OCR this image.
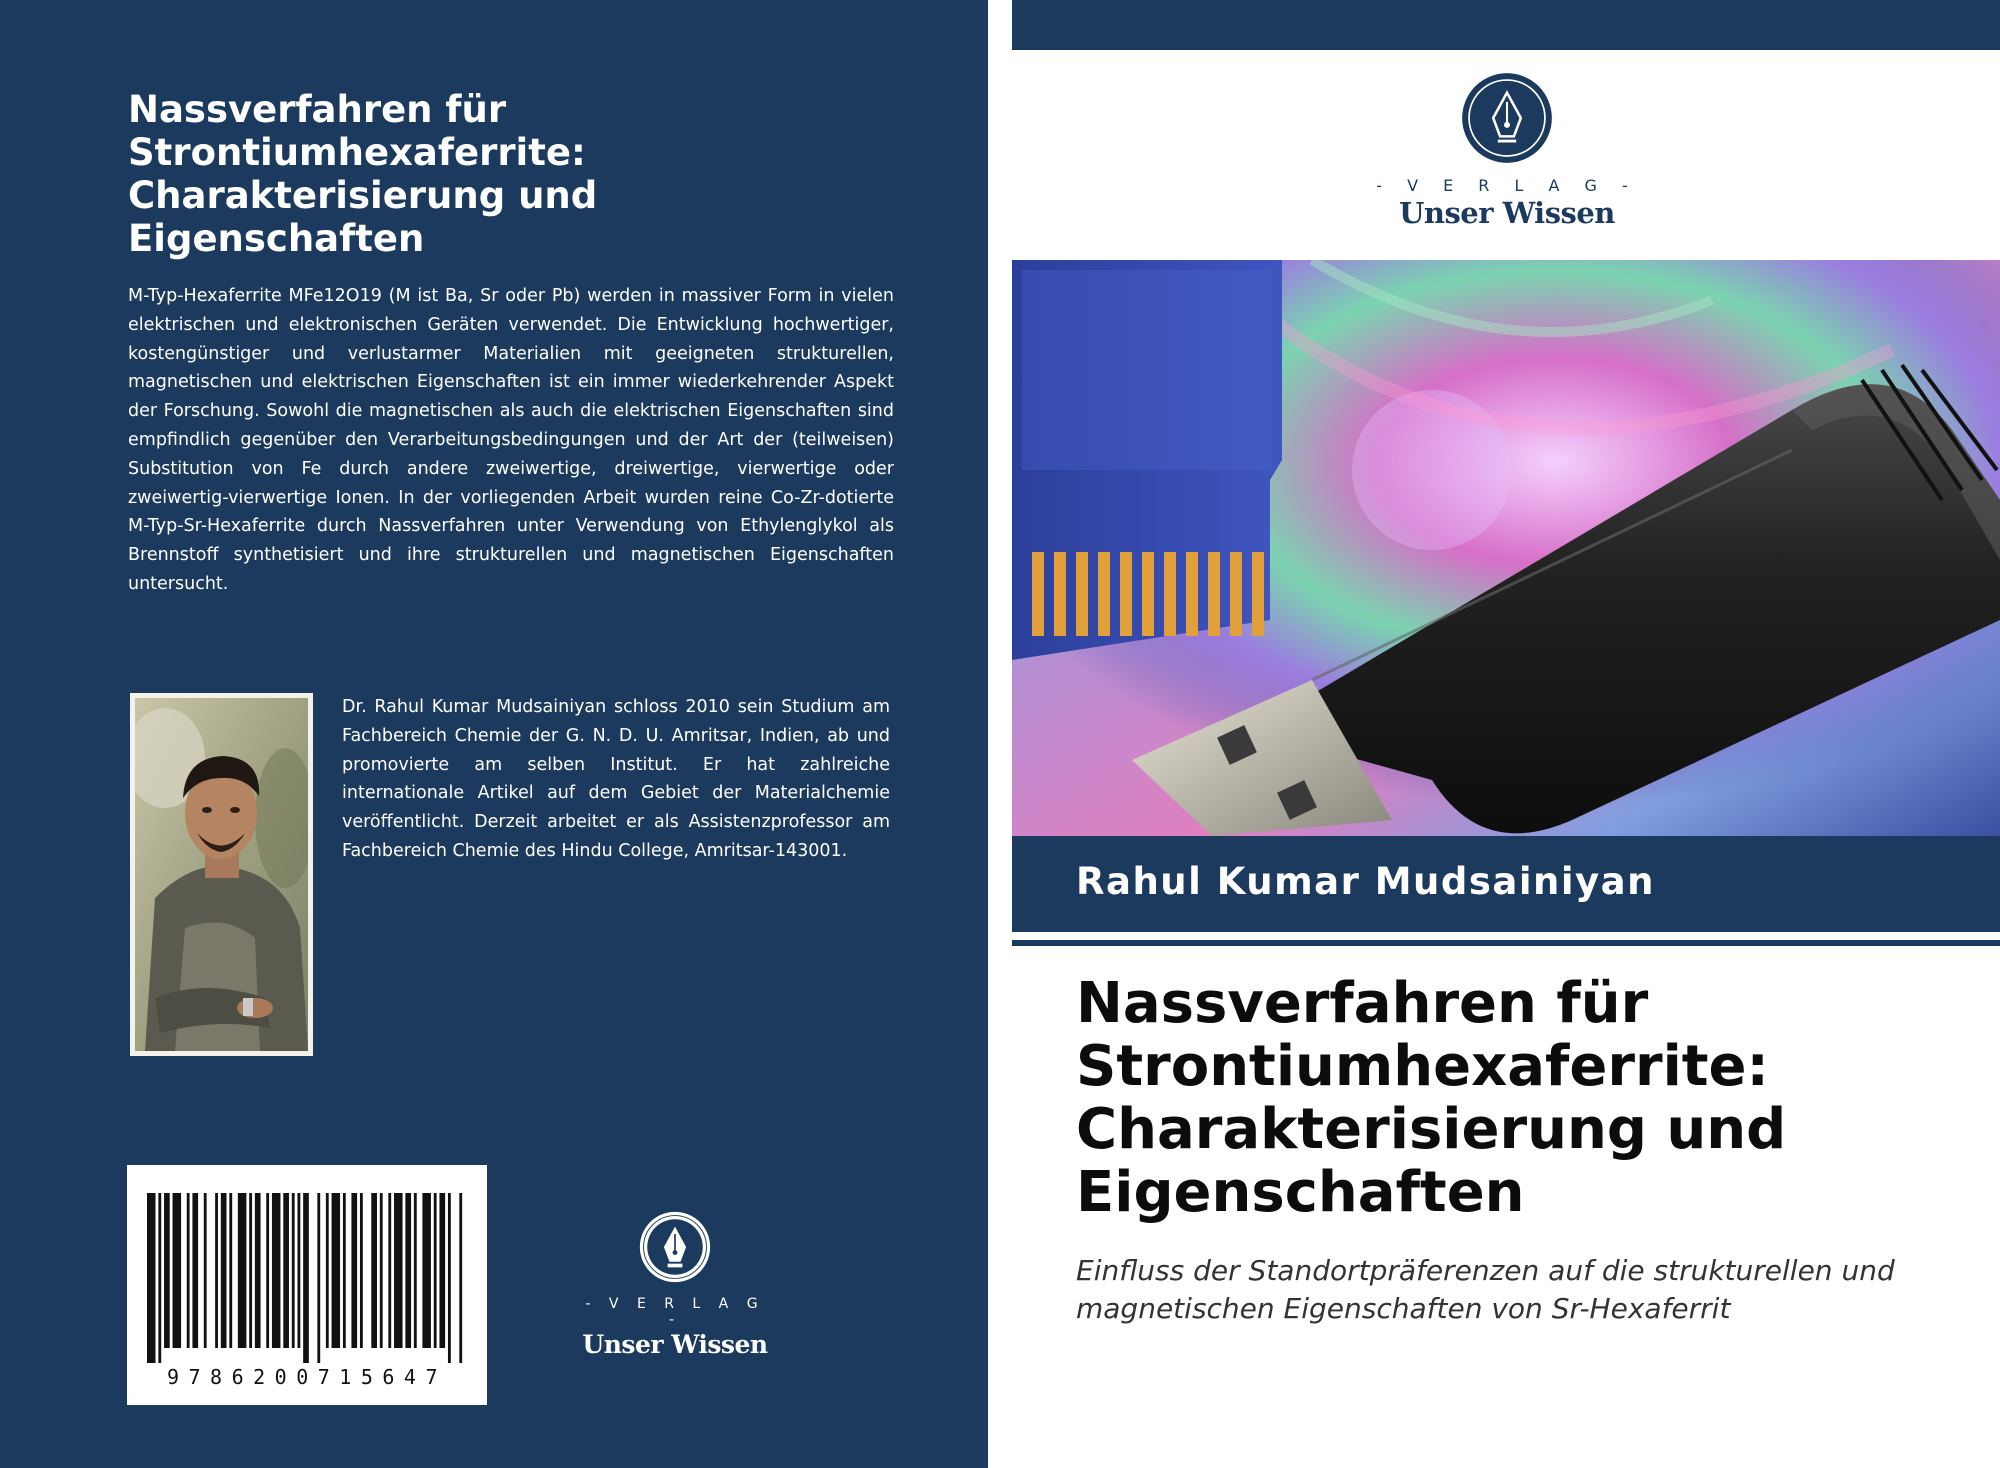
Nassverfahren für Strontiumhexaferrite: Charakterisierung und Eigenschaften
M-Typ-Hexaferrite MFe12O19 (M ist Ba, Sr oder Pb) werden in massiver Form in vielen elektrischen und elektronischen Geräten verwendet. Die Entwicklung hochwertiger, kostengünstiger und verlustarmer Materialien mit geeigneten strukturellen, magnetischen und elektrischen Eigenschaften ist ein immer wiederkehrender Aspekt der Forschung. Sowohl die magnetischen als auch die elektrischen Eigenschaften sind empfindlich gegenüber den Verarbeitungsbedingungen und der Art der (teilweisen) Substitution von Fe durch andere zweiwertige, dreiwertige, vierwertige oder zweiwertig-vierwertige Ionen. In der vorliegenden Arbeit wurden reine Co-Zr-dotierte M-Typ-Sr-Hexaferrite durch Nassverfahren unter Verwendung von Ethylenglykol als Brennstoff synthetisiert und ihre strukturellen und magnetischen Eigenschaften untersucht.
Dr. Rahul Kumar Mudsainiyan schloss 2010 sein Studium am Fachbereich Chemie der G. N. D. U. Amritsar, Indien, ab und promovierte am selben Institut. Er hat zahlreiche internationale Artikel auf dem Gebiet der Materialchemie veröffentlicht. Derzeit arbeitet er als Assistenzprofessor am Fachbereich Chemie des Hindu College, Amritsar-143001.
9786200715647
- V E R L A G -
Unser Wissen
- V E R L A G -
Unser Wissen
Rahul Kumar Mudsainiyan
Nassverfahren für Strontiumhexaferrite: Charakterisierung und Eigenschaften
Einfluss der Standortpräferenzen auf die strukturellen und magnetischen Eigenschaften von Sr-Hexaferrit
